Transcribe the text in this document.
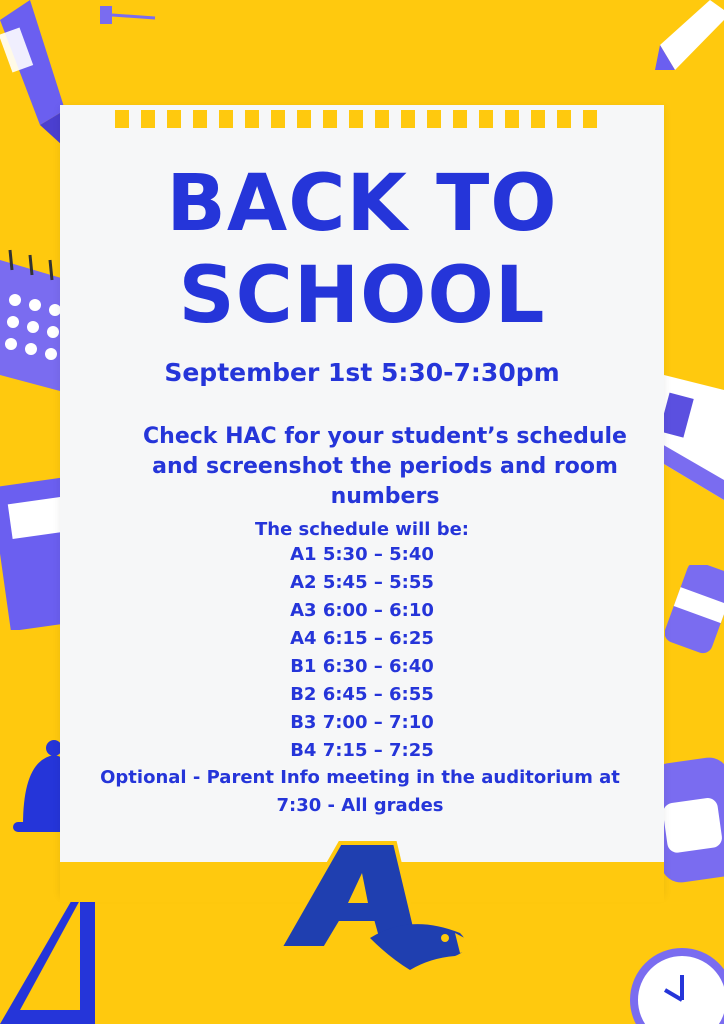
BACK TO
SCHOOL
September 1st 5:30-7:30pm
Check HAC for your student’s schedule and screenshot the periods and room numbers
The schedule will be:
A1 5:30 – 5:40
A2 5:45 – 5:55
A3 6:00 – 6:10
A4 6:15 – 6:25
B1 6:30 – 6:40
B2 6:45 – 6:55
B3 7:00 – 7:10
B4 7:15 – 7:25
Optional - Parent Info meeting in the auditorium at 7:30 - All grades
